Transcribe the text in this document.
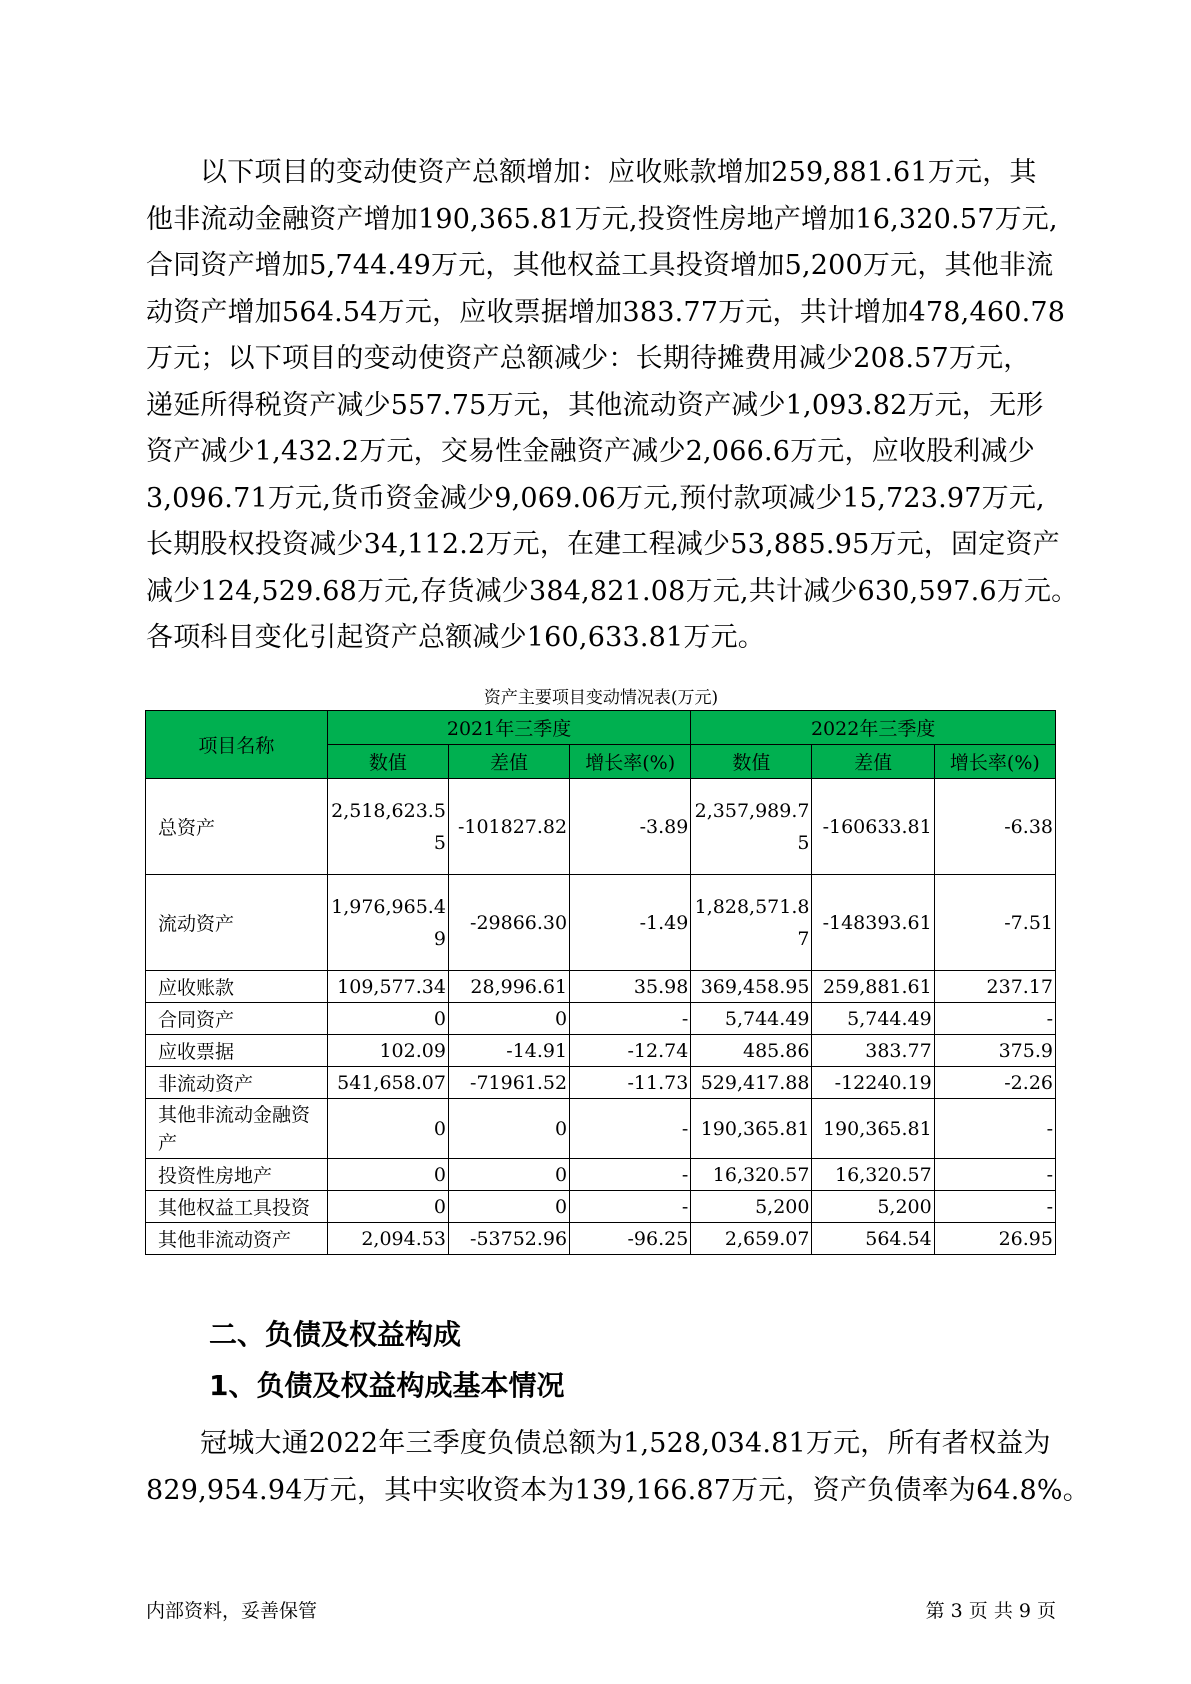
以下项目的变动使资产总额增加：应收账款增加259,881.61万元，其
他非流动金融资产增加190,365.81万元,投资性房地产增加16,320.57万元,
合同资产增加5,744.49万元，其他权益工具投资增加5,200万元，其他非流
动资产增加564.54万元，应收票据增加383.77万元，共计增加478,460.78
万元；以下项目的变动使资产总额减少：长期待摊费用减少208.57万元，
递延所得税资产减少557.75万元，其他流动资产减少1,093.82万元，无形
资产减少1,432.2万元，交易性金融资产减少2,066.6万元，应收股利减少
3,096.71万元,货币资金减少9,069.06万元,预付款项减少15,723.97万元,
长期股权投资减少34,112.2万元，在建工程减少53,885.95万元，固定资产
减少124,529.68万元,存货减少384,821.08万元,共计减少630,597.6万元。
各项科目变化引起资产总额减少160,633.81万元。
资产主要项目变动情况表(万元)
项目名称	2021年三季度			2022年三季度		
	数值	差值	增长率(%)	数值	差值	增长率(%)
总资产	2,518,623.55	-101827.82	-3.89	2,357,989.75	-160633.81	-6.38
流动资产	1,976,965.49	-29866.30	-1.49	1,828,571.87	-148393.61	-7.51
应收账款	109,577.34	28,996.61	35.98	369,458.95	259,881.61	237.17
合同资产	0	0	-	5,744.49	5,744.49	-
应收票据	102.09	-14.91	-12.74	485.86	383.77	375.9
非流动资产	541,658.07	-71961.52	-11.73	529,417.88	-12240.19	-2.26
其他非流动金融资产	0	0	-	190,365.81	190,365.81	-
投资性房地产	0	0	-	16,320.57	16,320.57	-
其他权益工具投资	0	0	-	5,200	5,200	-
其他非流动资产	2,094.53	-53752.96	-96.25	2,659.07	564.54	26.95
二、负债及权益构成
1、负债及权益构成基本情况
冠城大通2022年三季度负债总额为1,528,034.81万元，所有者权益为
829,954.94万元，其中实收资本为139,166.87万元，资产负债率为64.8%。
内部资料，妥善保管	第 3 页 共 9 页
